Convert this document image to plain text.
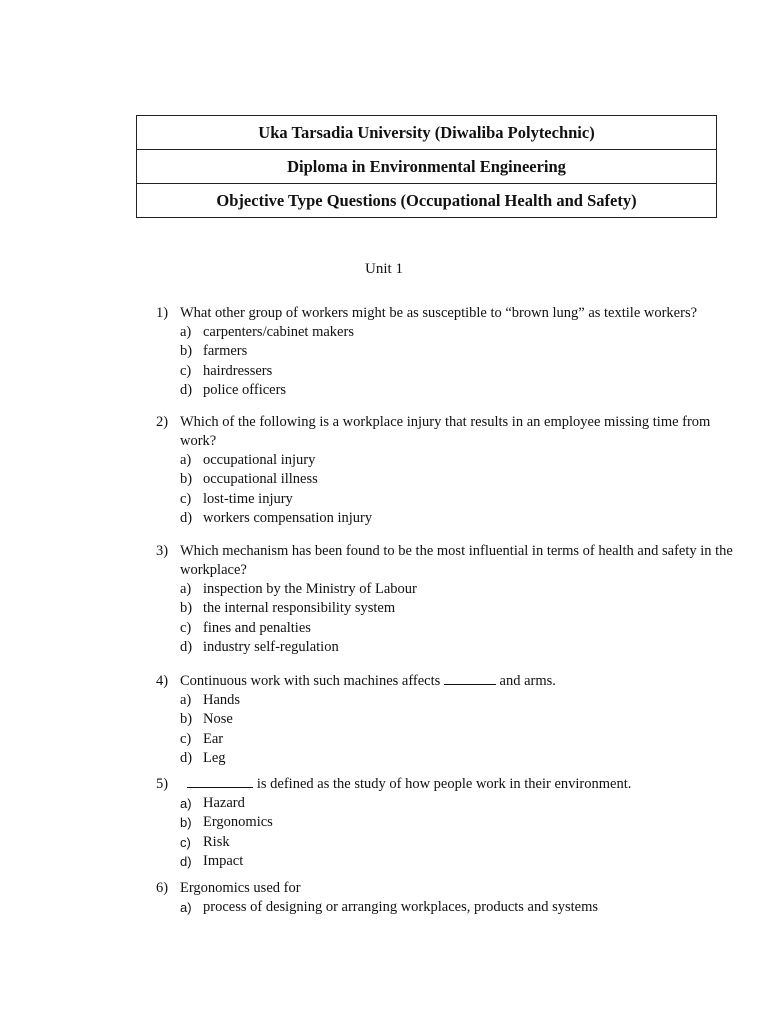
Uka Tarsadia University (Diwaliba Polytechnic)
Diploma in Environmental Engineering
Objective Type Questions (Occupational Health and Safety)
Unit 1
1) What other group of workers might be as susceptible to “brown lung” as textile workers?
a) carpenters/cabinet makers
b) farmers
c) hairdressers
d) police officers
2) Which of the following is a workplace injury that results in an employee missing time from work?
a) occupational injury
b) occupational illness
c) lost-time injury
d) workers compensation injury
3) Which mechanism has been found to be the most influential in terms of health and safety in the workplace?
a) inspection by the Ministry of Labour
b) the internal responsibility system
c) fines and penalties
d) industry self-regulation
4) Continuous work with such machines affects	and arms.
a) Hands
b) Nose
c) Ear
d) Leg
5)	is defined as the study of how people work in their environment.
a) Hazard
b) Ergonomics
c) Risk
d) Impact
6) Ergonomics used for
a) process of designing or arranging workplaces, products and systems
